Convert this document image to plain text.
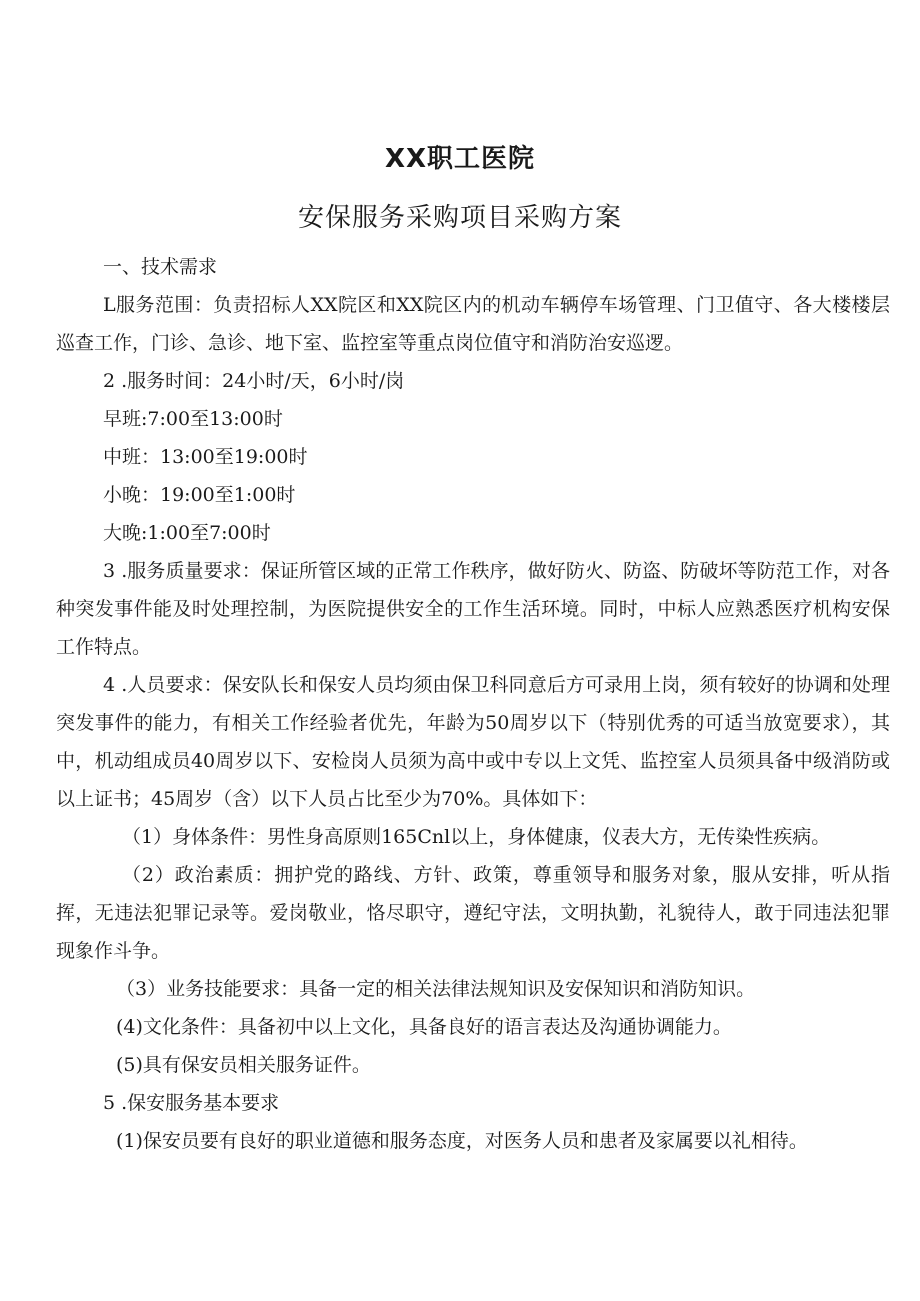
XX职工医院
安保服务采购项目采购方案

一、技术需求

L服务范围：负责招标人XX院区和XX院区内的机动车辆停车场管理、门卫值守、各大楼楼层巡查工作，门诊、急诊、地下室、监控室等重点岗位值守和消防治安巡逻。

2 .服务时间：24小时/天，6小时/岗

早班:7:00至13:00时

中班：13:00至19:00时

小晚：19:00至1:00时

大晚:1:00至7:00时

3 .服务质量要求：保证所管区域的正常工作秩序，做好防火、防盗、防破坏等防范工作，对各种突发事件能及时处理控制，为医院提供安全的工作生活环境。同时，中标人应熟悉医疗机构安保工作特点。

4 .人员要求：保安队长和保安人员均须由保卫科同意后方可录用上岗，须有较好的协调和处理突发事件的能力，有相关工作经验者优先，年龄为50周岁以下（特别优秀的可适当放宽要求），其中，机动组成员40周岁以下、安检岗人员须为高中或中专以上文凭、监控室人员须具备中级消防或以上证书；45周岁（含）以下人员占比至少为70%。具体如下：

（1）身体条件：男性身高原则165Cnl以上，身体健康，仪表大方，无传染性疾病。

（2）政治素质：拥护党的路线、方针、政策，尊重领导和服务对象，服从安排，听从指挥，无违法犯罪记录等。爱岗敬业，恪尽职守，遵纪守法，文明执勤，礼貌待人，敢于同违法犯罪现象作斗争。

（3）业务技能要求：具备一定的相关法律法规知识及安保知识和消防知识。

(4)文化条件：具备初中以上文化，具备良好的语言表达及沟通协调能力。

(5)具有保安员相关服务证件。

5 .保安服务基本要求

(1)保安员要有良好的职业道德和服务态度，对医务人员和患者及家属要以礼相待。
